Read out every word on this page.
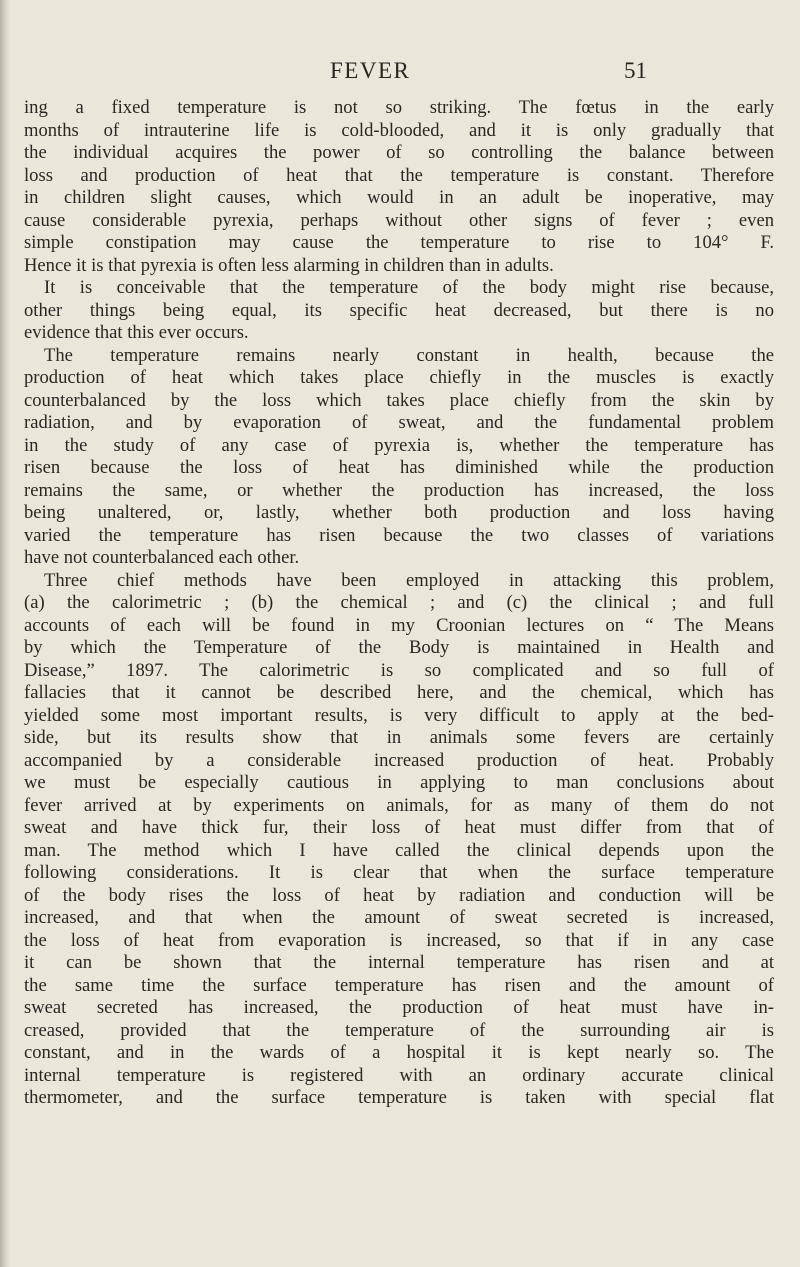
FEVER	51
ing a fixed temperature is not so striking. The fœtus in the early
months of intrauterine life is cold-blooded, and it is only gradually that
the individual acquires the power of so controlling the balance between
loss and production of heat that the temperature is constant. Therefore
in children slight causes, which would in an adult be inoperative, may
cause considerable pyrexia, perhaps without other signs of fever ; even
simple constipation may cause the temperature to rise to 104° F.
Hence it is that pyrexia is often less alarming in children than in adults.
It is conceivable that the temperature of the body might rise because,
other things being equal, its specific heat decreased, but there is no
evidence that this ever occurs.
The temperature remains nearly constant in health, because the
production of heat which takes place chiefly in the muscles is exactly
counterbalanced by the loss which takes place chiefly from the skin by
radiation, and by evaporation of sweat, and the fundamental problem
in the study of any case of pyrexia is, whether the temperature has
risen because the loss of heat has diminished while the production
remains the same, or whether the production has increased, the loss
being unaltered, or, lastly, whether both production and loss having
varied the temperature has risen because the two classes of variations
have not counterbalanced each other.
Three chief methods have been employed in attacking this problem,
(a) the calorimetric ; (b) the chemical ; and (c) the clinical ; and full
accounts of each will be found in my Croonian lectures on “ The Means
by which the Temperature of the Body is maintained in Health and
Disease,” 1897. The calorimetric is so complicated and so full of
fallacies that it cannot be described here, and the chemical, which has
yielded some most important results, is very difficult to apply at the bed-
side, but its results show that in animals some fevers are certainly
accompanied by a considerable increased production of heat. Probably
we must be especially cautious in applying to man conclusions about
fever arrived at by experiments on animals, for as many of them do not
sweat and have thick fur, their loss of heat must differ from that of
man. The method which I have called the clinical depends upon the
following considerations. It is clear that when the surface temperature
of the body rises the loss of heat by radiation and conduction will be
increased, and that when the amount of sweat secreted is increased,
the loss of heat from evaporation is increased, so that if in any case
it can be shown that the internal temperature has risen and at
the same time the surface temperature has risen and the amount of
sweat secreted has increased, the production of heat must have in-
creased, provided that the temperature of the surrounding air is
constant, and in the wards of a hospital it is kept nearly so. The
internal temperature is registered with an ordinary accurate clinical
thermometer, and the surface temperature is taken with special flat
